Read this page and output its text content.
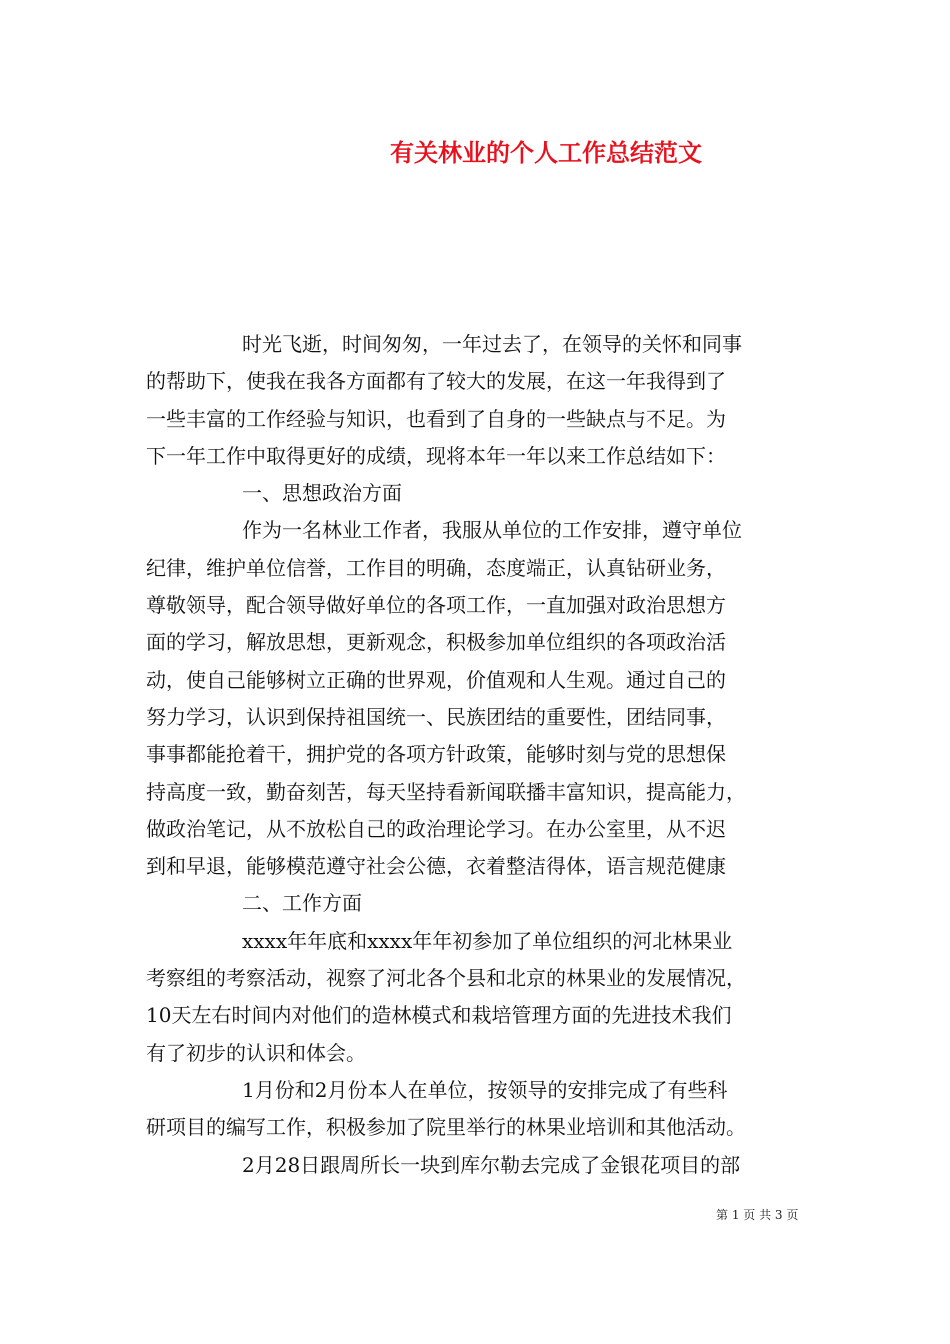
有关林业的个人工作总结范文
时光飞逝，时间匆匆，一年过去了，在领导的关怀和同事
的帮助下，使我在我各方面都有了较大的发展，在这一年我得到了
一些丰富的工作经验与知识，也看到了自身的一些缺点与不足。为
下一年工作中取得更好的成绩，现将本年一年以来工作总结如下：
一、思想政治方面
作为一名林业工作者，我服从单位的工作安排，遵守单位
纪律，维护单位信誉，工作目的明确，态度端正，认真钻研业务，
尊敬领导，配合领导做好单位的各项工作，一直加强对政治思想方
面的学习，解放思想，更新观念，积极参加单位组织的各项政治活
动，使自己能够树立正确的世界观，价值观和人生观。通过自己的
努力学习，认识到保持祖国统一、民族团结的重要性，团结同事，
事事都能抢着干，拥护党的各项方针政策，能够时刻与党的思想保
持高度一致，勤奋刻苦，每天坚持看新闻联播丰富知识，提高能力，
做政治笔记，从不放松自己的政治理论学习。在办公室里，从不迟
到和早退，能够模范遵守社会公德，衣着整洁得体，语言规范健康
二、工作方面
xxxx年年底和xxxx年年初参加了单位组织的河北林果业
考察组的考察活动，视察了河北各个县和北京的林果业的发展情况，
10天左右时间内对他们的造林模式和栽培管理方面的先进技术我们
有了初步的认识和体会。
1月份和2月份本人在单位，按领导的安排完成了有些科
研项目的编写工作，积极参加了院里举行的林果业培训和其他活动。
2月28日跟周所长一块到库尔勒去完成了金银花项目的部
第 1 页 共 3 页
